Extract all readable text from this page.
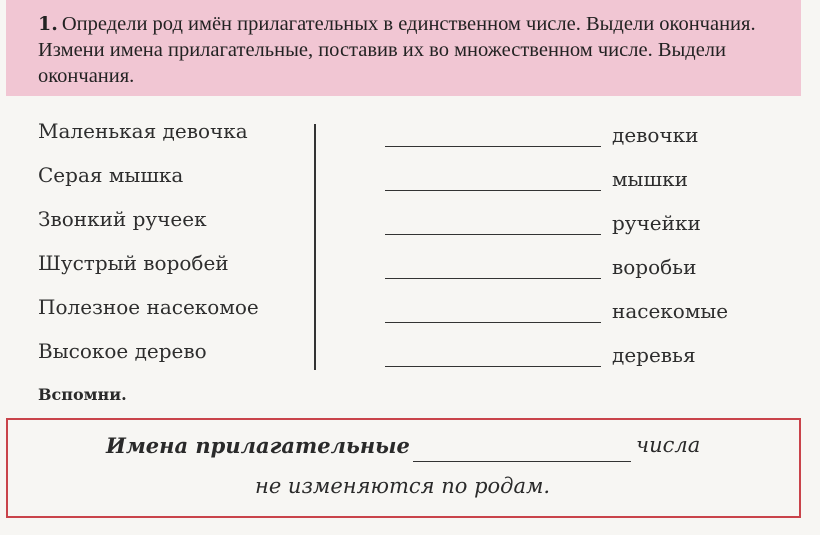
1. Определи род имён прилагательных в единственном числе. Выдели окончания. Измени имена прилагательные, поставив их во множественном числе. Выдели окончания.
Маленькая девочка
Серая мышка
Звонкий ручеек
Шустрый воробей
Полезное насекомое
Высокое дерево
девочки
мышки
ручейки
воробьи
насекомые
деревья
Вспомни.
Имена прилагательные	числа
не изменяются по родам.
